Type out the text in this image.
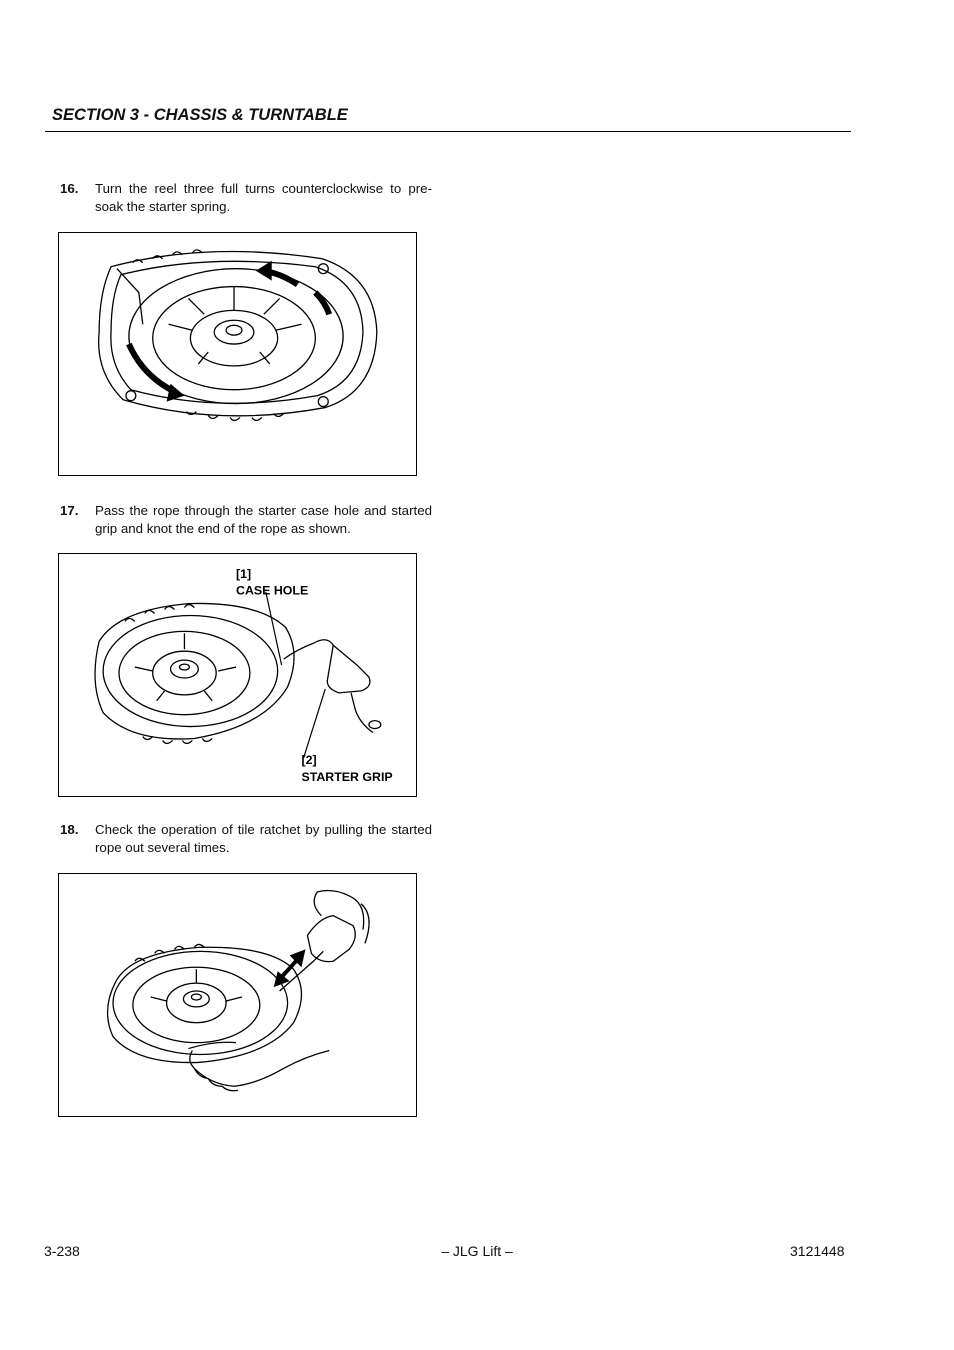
SECTION 3 - CHASSIS & TURNTABLE
16. Turn the reel three full turns counterclockwise to pre-soak the starter spring.
17. Pass the rope through the starter case hole and started grip and knot the end of the rope as shown.
[1]
CASE HOLE
[2]
STARTER GRIP
18. Check the operation of tile ratchet by pulling the started rope out several times.
3-238	– JLG Lift –	3121448
